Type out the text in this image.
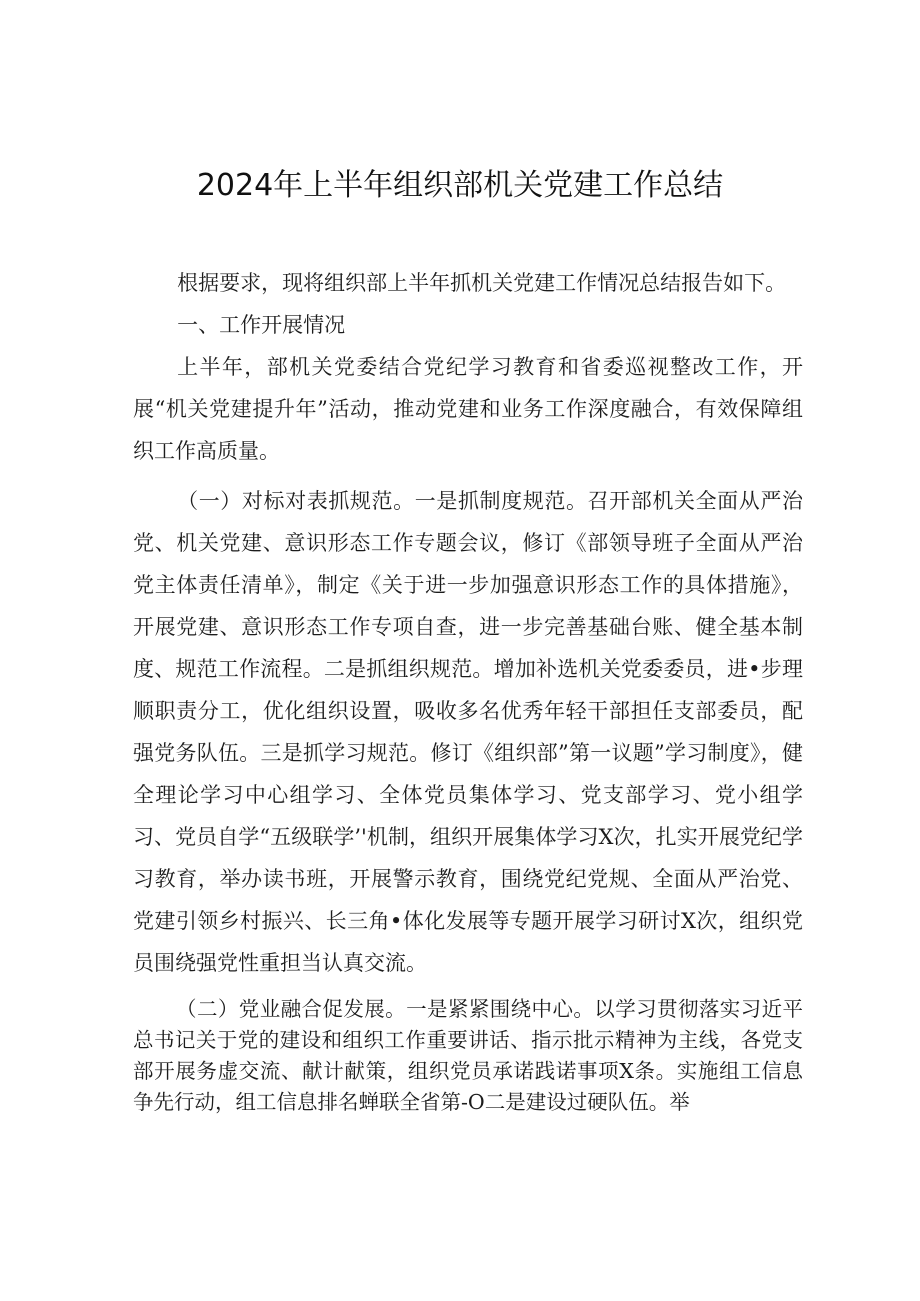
2024年上半年组织部机关党建工作总结

根据要求，现将组织部上半年抓机关党建工作情况总结报告如下。

一、工作开展情况

上半年，部机关党委结合党纪学习教育和省委巡视整改工作，开展“机关党建提升年”活动，推动党建和业务工作深度融合，有效保障组织工作高质量。

（一）对标对表抓规范。一是抓制度规范。召开部机关全面从严治党、机关党建、意识形态工作专题会议，修订《部领导班子全面从严治党主体责任清单》，制定《关于进一步加强意识形态工作的具体措施》，开展党建、意识形态工作专项自查，进一步完善基础台账、健全基本制度、规范工作流程。二是抓组织规范。增加补选机关党委委员，进•步理顺职责分工，优化组织设置，吸收多名优秀年轻干部担任支部委员，配强党务队伍。三是抓学习规范。修订《组织部”第一议题”学习制度》，健全理论学习中心组学习、全体党员集体学习、党支部学习、党小组学习、党员自学“五级联学’'机制，组织开展集体学习X次，扎实开展党纪学习教育，举办读书班，开展警示教育，围绕党纪党规、全面从严治党、党建引领乡村振兴、长三角•体化发展等专题开展学习研讨X次，组织党员围绕强党性重担当认真交流。

（二）党业融合促发展。一是紧紧围绕中心。以学习贯彻落实习近平总书记关于党的建设和组织工作重要讲话、指示批示精神为主线，各党支部开展务虚交流、献计献策，组织党员承诺践诺事项X条。实施组工信息争先行动，组工信息排名蝉联全省第-O二是建设过硬队伍。举
